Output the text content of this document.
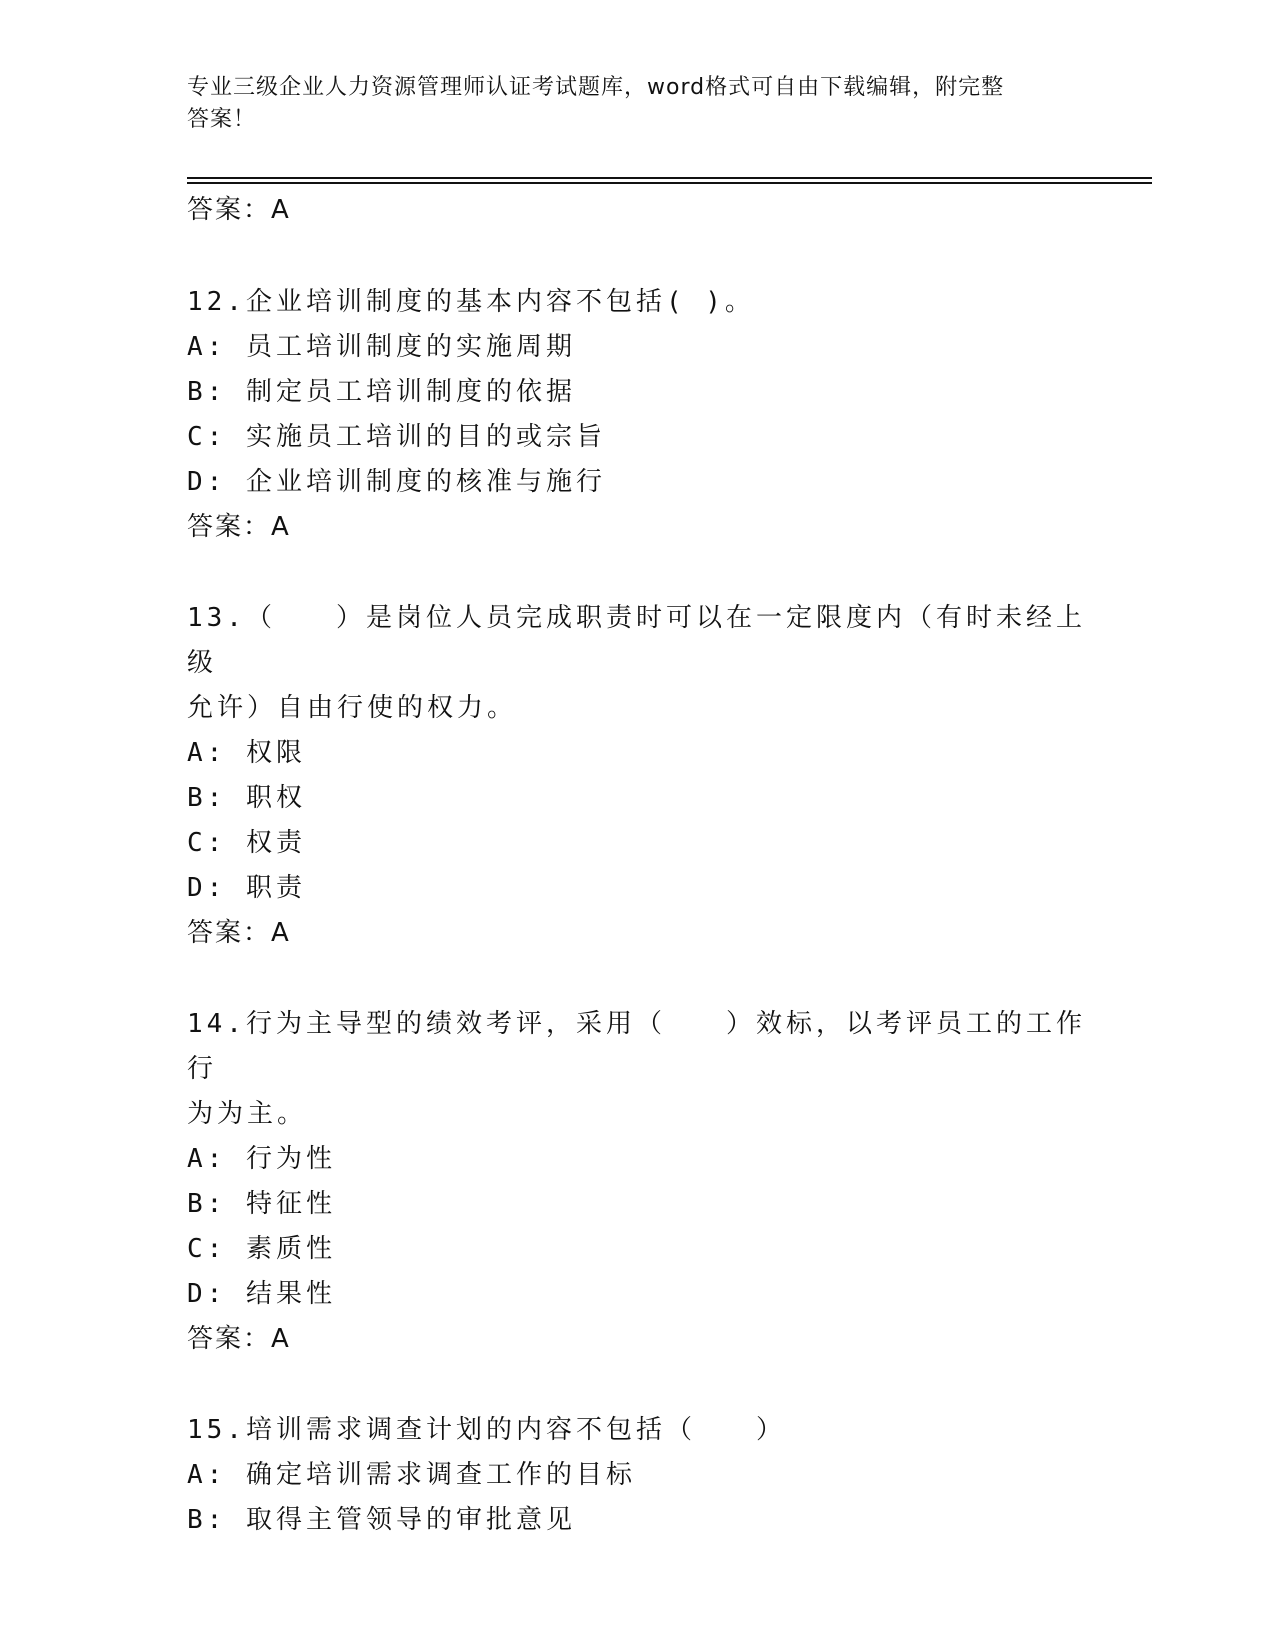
专业三级企业人力资源管理师认证考试题库，word格式可自由下载编辑，附完整
答案！
答案：A

12.企业培训制度的基本内容不包括( )。

A: 员工培训制度的实施周期

B: 制定员工培训制度的依据

C: 实施员工培训的目的或宗旨

D: 企业培训制度的核准与施行

答案：A

13.（　　）是岗位人员完成职责时可以在一定限度内（有时未经上级

允许）自由行使的权力。

A: 权限

B: 职权

C: 权责

D: 职责

答案：A

14.行为主导型的绩效考评，采用（　　）效标，以考评员工的工作行

为为主。

A: 行为性

B: 特征性

C: 素质性

D: 结果性

答案：A

15.培训需求调查计划的内容不包括（　　）

A: 确定培训需求调查工作的目标

B: 取得主管领导的审批意见
